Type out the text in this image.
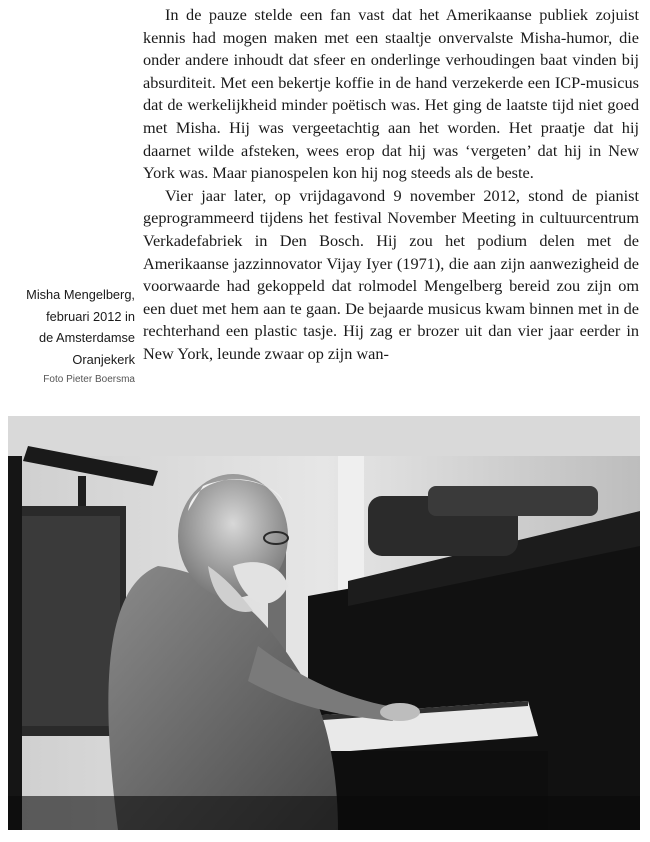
In de pauze stelde een fan vast dat het Amerikaanse publiek zojuist kennis had mogen maken met een staaltje onvervalste Misha-humor, die onder andere inhoudt dat sfeer en onderlinge verhoudingen baat vinden bij absurditeit. Met een bekertje koffie in de hand verzekerde een ICP-musicus dat de werkelijkheid minder poëtisch was. Het ging de laatste tijd niet goed met Misha. Hij was vergeetachtig aan het worden. Het praatje dat hij daarnet wilde afsteken, wees erop dat hij was ‘vergeten’ dat hij in New York was. Maar pianospelen kon hij nog steeds als de beste.

Vier jaar later, op vrijdagavond 9 november 2012, stond de pianist geprogrammeerd tijdens het festival November Meeting in cultuurcentrum Verkadefabriek in Den Bosch. Hij zou het podium delen met de Amerikaanse jazzinnovator Vijay Iyer (1971), die aan zijn aanwezigheid de voorwaarde had gekoppeld dat rolmodel Mengelberg bereid zou zijn om een duet met hem aan te gaan. De bejaarde musicus kwam binnen met in de rechterhand een plastic tasje. Hij zag er brozer uit dan vier jaar eerder in New York, leunde zwaar op zijn wan-

Misha Mengelberg,
februari 2012 in
de Amsterdamse
Oranjekerk
Foto Pieter Boersma
